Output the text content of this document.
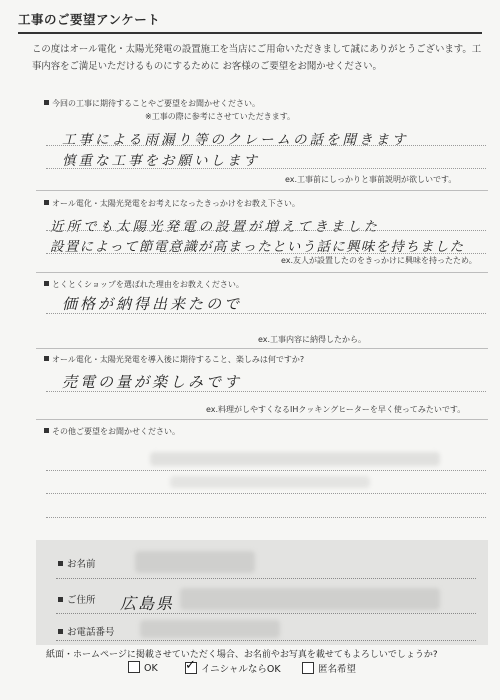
工事のご要望アンケート
この度はオール電化・太陽光発電の設置施工を当店にご用命いただきまして誠にありがとうございます。工事内容をご満足いただけるものにするために お客様のご要望をお聞かせください。
今回の工事に期待することやご要望をお聞かせください。
※工事の際に参考にさせていただきます。
工事による雨漏り等のクレームの話を聞きます
慎重な工事をお願いします
ex.工事前にしっかりと事前説明が欲しいです。
オール電化・太陽光発電をお考えになったきっかけをお教え下さい。
近所でも太陽光発電の設置が増えてきました
設置によって節電意識が高まったという話に興味を持ちました
ex.友人が設置したのをきっかけに興味を持ったため。
とくとくショップを選ばれた理由をお教えください。
価格が納得出来たので
ex.工事内容に納得したから。
オール電化・太陽光発電を導入後に期待すること、楽しみは何ですか?
売電の量が楽しみです
ex.料理がしやすくなるIHクッキングヒーターを早く使ってみたいです。
その他ご要望をお聞かせください。
お名前
ご住所 広島県
お電話番号
紙面・ホームページに掲載させていただく場合、お名前やお写真を載せてもよろしいでしょうか?
OK ✓ イニシャルならOK	匿名希望
